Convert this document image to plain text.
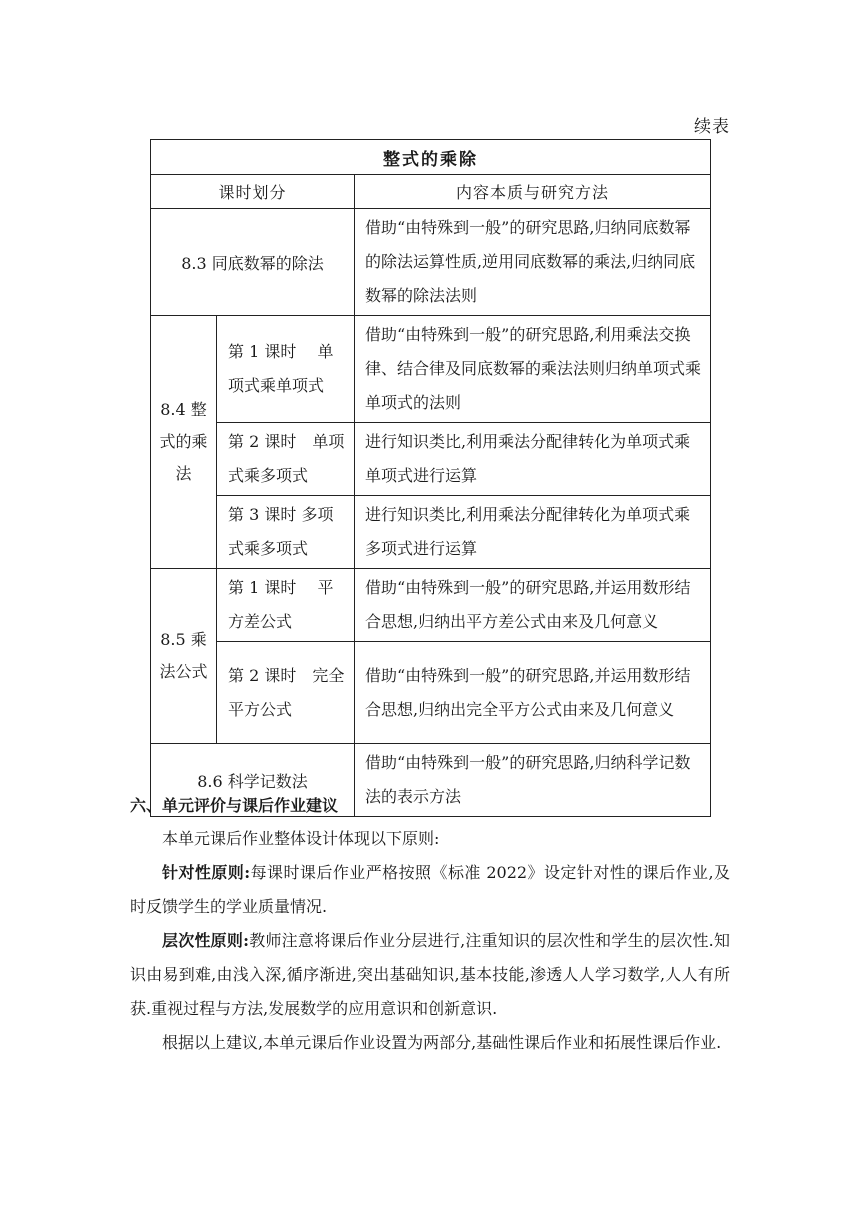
续表
整式的乘除		
课时划分		内容本质与研究方法
8.3 同底数幂的除法		借助“由特殊到一般”的研究思路,归纳同底数幂的除法运算性质,逆用同底数幂的乘法,归纳同底数幂的除法法则
8.4 整式的乘法	第 1 课时　 单项式乘单项式	借助“由特殊到一般”的研究思路,利用乘法交换律、结合律及同底数幂的乘法法则归纳单项式乘单项式的法则
	第 2 课时　单项式乘多项式	进行知识类比,利用乘法分配律转化为单项式乘单项式进行运算
	第 3 课时 多项式乘多项式	进行知识类比,利用乘法分配律转化为单项式乘多项式进行运算
8.5 乘法公式	第 1 课时　 平方差公式	借助“由特殊到一般”的研究思路,并运用数形结合思想,归纳出平方差公式由来及几何意义
	第 2 课时　完全平方公式	借助“由特殊到一般”的研究思路,并运用数形结合思想,归纳出完全平方公式由来及几何意义
8.6 科学记数法		借助“由特殊到一般”的研究思路,归纳科学记数法的表示方法
六、单元评价与课后作业建议
本单元课后作业整体设计体现以下原则:
针对性原则:每课时课后作业严格按照《标准 2022》设定针对性的课后作业,及时反馈学生的学业质量情况.
层次性原则:教师注意将课后作业分层进行,注重知识的层次性和学生的层次性.知识由易到难,由浅入深,循序渐进,突出基础知识,基本技能,渗透人人学习数学,人人有所获.重视过程与方法,发展数学的应用意识和创新意识.
根据以上建议,本单元课后作业设置为两部分,基础性课后作业和拓展性课后作业.
